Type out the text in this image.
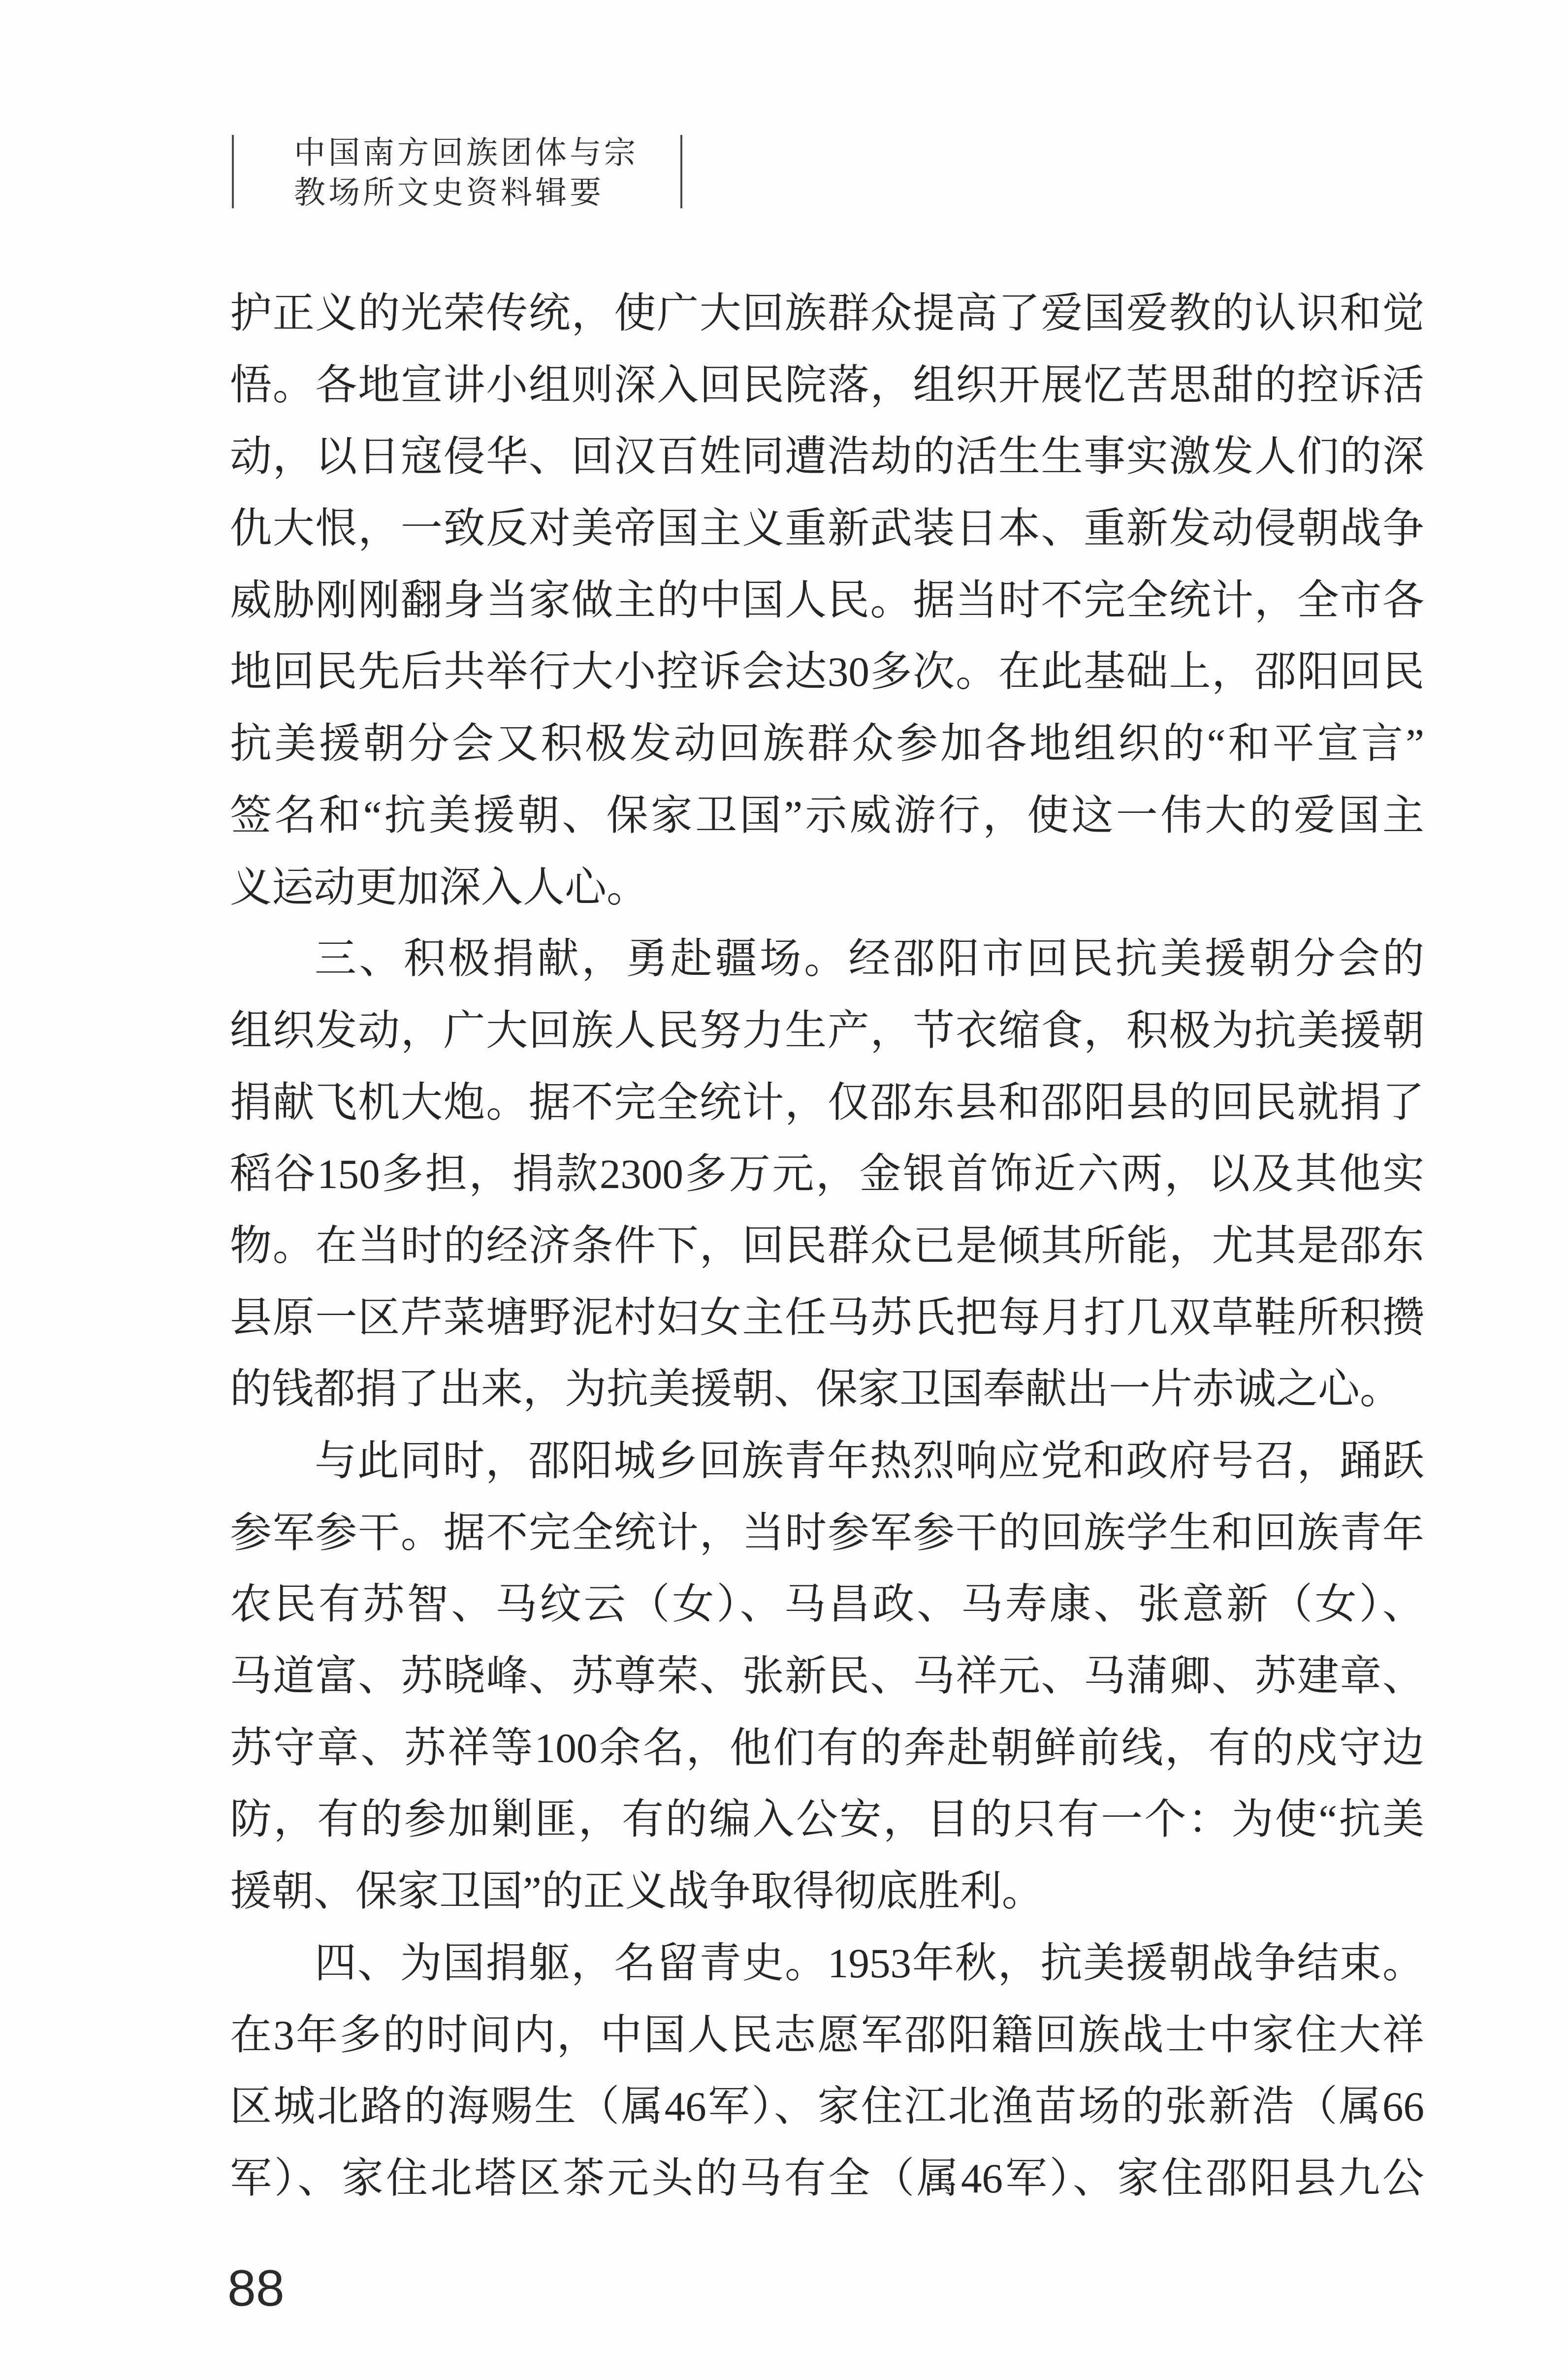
中国南方回族团体与宗
教场所文史资料辑要
护正义的光荣传统，使广大回族群众提高了爱国爱教的认识和觉
悟。各地宣讲小组则深入回民院落，组织开展忆苦思甜的控诉活
动，以日寇侵华、回汉百姓同遭浩劫的活生生事实激发人们的深
仇大恨，一致反对美帝国主义重新武装日本、重新发动侵朝战争
威胁刚刚翻身当家做主的中国人民。据当时不完全统计，全市各
地回民先后共举行大小控诉会达30多次。在此基础上，邵阳回民
抗美援朝分会又积极发动回族群众参加各地组织的“和平宣言”
签名和“抗美援朝、保家卫国”示威游行，使这一伟大的爱国主
义运动更加深入人心。
三、积极捐献，勇赴疆场。经邵阳市回民抗美援朝分会的
组织发动，广大回族人民努力生产，节衣缩食，积极为抗美援朝
捐献飞机大炮。据不完全统计，仅邵东县和邵阳县的回民就捐了
稻谷150多担，捐款2300多万元，金银首饰近六两，以及其他实
物。在当时的经济条件下，回民群众已是倾其所能，尤其是邵东
县原一区芹菜塘野泥村妇女主任马苏氏把每月打几双草鞋所积攒
的钱都捐了出来，为抗美援朝、保家卫国奉献出一片赤诚之心。
与此同时，邵阳城乡回族青年热烈响应党和政府号召，踊跃
参军参干。据不完全统计，当时参军参干的回族学生和回族青年
农民有苏智、马纹云（女）、马昌政、马寿康、张意新（女）、
马道富、苏晓峰、苏尊荣、张新民、马祥元、马蒲卿、苏建章、
苏守章、苏祥等100余名，他们有的奔赴朝鲜前线，有的戍守边
防，有的参加剿匪，有的编入公安，目的只有一个：为使“抗美
援朝、保家卫国”的正义战争取得彻底胜利。
四、为国捐躯，名留青史。1953年秋，抗美援朝战争结束。
在3年多的时间内，中国人民志愿军邵阳籍回族战士中家住大祥
区城北路的海赐生（属46军）、家住江北渔苗场的张新浩（属66
军）、家住北塔区茶元头的马有全（属46军）、家住邵阳县九公
88
